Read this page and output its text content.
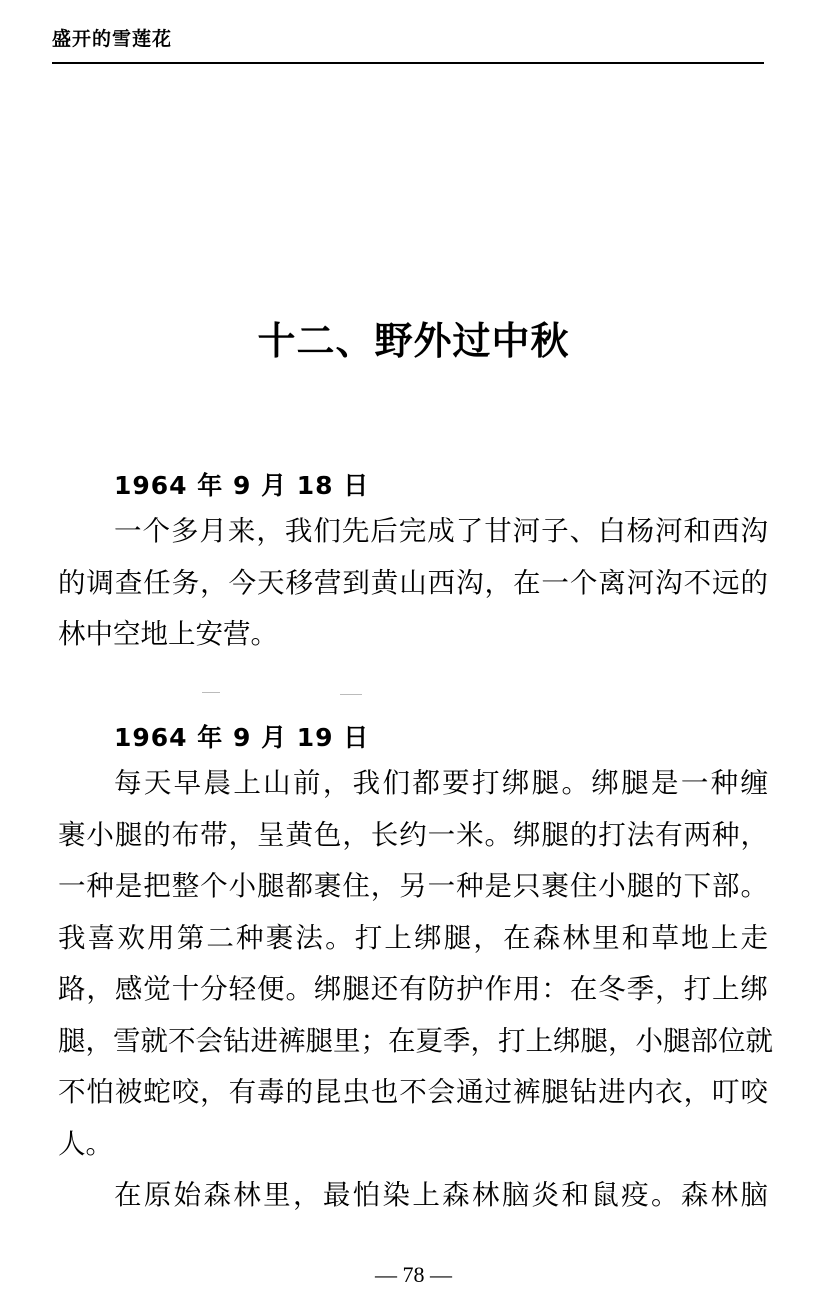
盛开的雪莲花
十二、野外过中秋
1964 年 9 月 18 日
一个多月来，我们先后完成了甘河子、白杨河和西沟
的调查任务，今天移营到黄山西沟，在一个离河沟不远的
林中空地上安营。
1964 年 9 月 19 日
每天早晨上山前，我们都要打绑腿。绑腿是一种缠
裹小腿的布带，呈黄色，长约一米。绑腿的打法有两种，
一种是把整个小腿都裹住，另一种是只裹住小腿的下部。
我喜欢用第二种裹法。打上绑腿，在森林里和草地上走
路，感觉十分轻便。绑腿还有防护作用：在冬季，打上绑
腿，雪就不会钻进裤腿里；在夏季，打上绑腿，小腿部位就
不怕被蛇咬，有毒的昆虫也不会通过裤腿钻进内衣，叮咬
人。
在原始森林里，最怕染上森林脑炎和鼠疫。森林脑
— 78 —
